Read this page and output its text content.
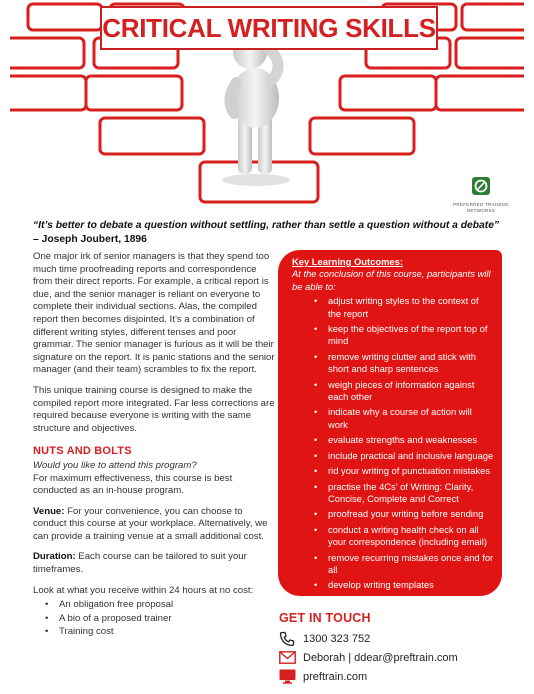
CRITICAL WRITING SKILLS
PREFERRED TRAINING
NETWORKS
“It’s better to debate a question without settling, rather than settle a question without a debate”
– Joseph Joubert, 1896

One major irk of senior managers is that they spend too much time proofreading reports and correspondence from their direct reports. For example, a critical report is due, and the senior manager is reliant on everyone to complete their individual sections. Alas, the compiled report then becomes disjointed. It’s a combination of different writing styles, different tenses and poor grammar. The senior manager is furious as it will be their signature on the report. It is panic stations and the senior manager (and their team) scrambles to fix the report.

This unique training course is designed to make the compiled report more integrated. Far less corrections are required because everyone is writing with the same structure and objectives.

NUTS AND BOLTS

Would you like to attend this program?

For maximum effectiveness, this course is best conducted as an in-house program.

Venue: For your convenience, you can choose to conduct this course at your workplace. Alternatively, we can provide a training venue at a small additional cost.

Duration: Each course can be tailored to suit your timeframes.

Look at what you receive within 24 hours at no cost:

• An obligation free proposal
• A bio of a proposed trainer
• Training cost
Key Learning Outcomes:
At the conclusion of this course, participants will be able to:
• adjust writing styles to the context of the report
• keep the objectives of the report top of mind
• remove writing clutter and stick with short and sharp sentences
• weigh pieces of information against each other
• indicate why a course of action will work
• evaluate strengths and weaknesses
• include practical and inclusive language
• rid your writing of punctuation mistakes
• practise the 4Cs’ of Writing: Clarity, Concise, Complete and Correct
• proofread your writing before sending
• conduct a writing health check on all your correspondence (including email)
• remove recurring mistakes once and for all
• develop writing templates
GET IN TOUCH
1300 323 752
Deborah | ddear@preftrain.com
preftrain.com
